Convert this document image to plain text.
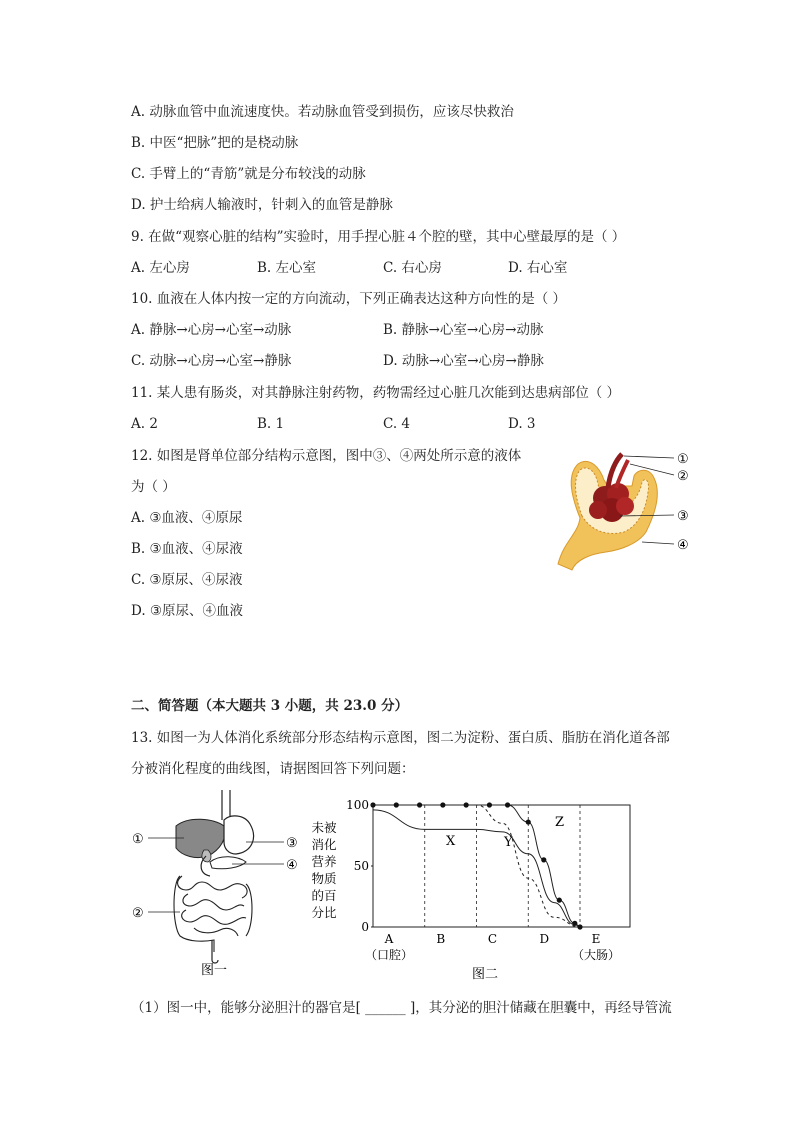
A. 动脉血管中血流速度快。若动脉血管受到损伤，应该尽快救治
B. 中医“把脉”把的是桡动脉
C. 手臂上的“青筋”就是分布较浅的动脉
D. 护士给病人输液时，针刺入的血管是静脉
9. 在做“观察心脏的结构”实验时，用手捏心脏４个腔的壁，其中心壁最厚的是（ ）
A. 左心房	B. 左心室	C. 右心房	D. 右心室
10. 血液在人体内按一定的方向流动，下列正确表达这种方向性的是（ ）
A. 静脉→心房→心室→动脉	B. 静脉→心室→心房→动脉
C. 动脉→心房→心室→静脉	D. 动脉→心室→心房→静脉
11. 某人患有肠炎，对其静脉注射药物，药物需经过心脏几次能到达患病部位（ ）
A. 2	B. 1	C. 4	D. 3
12. 如图是肾单位部分结构示意图，图中③、④两处所示意的液体
为（ ）
A. ③血液、④原尿
B. ③血液、④尿液
C. ③原尿、④尿液
D. ③原尿、④血液
①
②
③
④
二、简答题（本大题共 3 小题，共 23.0 分）
13. 如图一为人体消化系统部分形态结构示意图，图二为淀粉、蛋白质、脂肪在消化道各部
分被消化程度的曲线图，请据图回答下列问题：
①
②
③
④
图一
100
50
0
A
（口腔）
B	C	D	E
（大肠）
未被
消化
营养
物质
的百
分比
X	Y
Z
图二
（1）图一中，能够分泌胆汁的器官是[ ______ ]，其分泌的胆汁储藏在胆囊中，再经导管流
